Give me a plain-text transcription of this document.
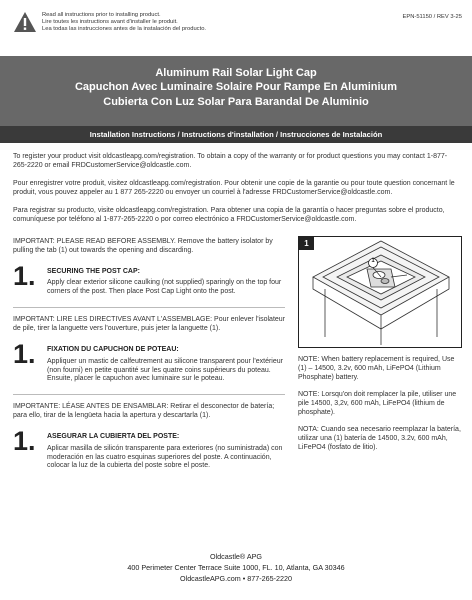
Read all instructions prior to installing product.
Lire toutes les instructions avant d'installer le produit.
Lea todas las instrucciones antes de la instalación del producto.
EPN-51150 / REV 3-25
Aluminum Rail Solar Light Cap
Capuchon Avec Luminaire Solaire Pour Rampe En Aluminium
Cubierta Con Luz Solar Para Barandal De Aluminio
Installation Instructions / Instructions d'installation / Instrucciones de Instalación

To register your product visit oldcastleapg.com/registration. To obtain a copy of the warranty or for product questions you may contact 1-877-265-2220 or email FRDCustomerService@oldcastle.com.

Pour enregistrer votre produit, visitez oldcastleapg.com/registration. Pour obtenir une copie de la garantie ou pour toute question concernant le produit, vous pouvez appeler au 1 877 265-2220 ou envoyer un courriel à l'adresse FRDCustomerService@oldcastle.com.

Para registrar su producto, visite oldcastleapg.com/registration. Para obtener una copia de la garantía o hacer preguntas sobre el producto, comuníquese por teléfono al 1-877-265-2220 o por correo electrónico a FRDCustomerService@oldcastle.com.

IMPORTANT: PLEASE READ BEFORE ASSEMBLY. Remove the battery isolator by pulling the tab (1) out towards the opening and discarding.

1.	SECURING THE POST CAP:

Apply clear exterior silicone caulking (not supplied) sparingly on the top four corners of the post. Then place Post Cap Light onto the post.

IMPORTANT: LIRE LES DIRECTIVES AVANT L'ASSEMBLAGE: Pour enlever l'isolateur de pile, tirer la languette vers l'ouverture, puis jeter la languette (1).

1.	FIXATION DU CAPUCHON DE POTEAU:

Appliquer un mastic de calfeutrement au silicone transparent pour l'extérieur (non fourni) en petite quantité sur les quatre coins supérieurs du poteau. Ensuite, placer le capuchon avec luminaire sur le poteau.

IMPORTANTE: LÉASE ANTES DE ENSAMBLAR: Retirar el desconector de batería; para ello, tirar de la lengüeta hacia la apertura y descartarla (1).

1.	ASEGURAR LA CUBIERTA DEL POSTE:

Aplicar masilla de silicón transparente para exteriores (no suministrada) con moderación en las cuatro esquinas superiores del poste. A continuación, colocar la luz de la cubierta del poste sobre el poste.

1
1

NOTE: When battery replacement is required, Use (1) – 14500, 3.2v, 600 mAh, LiFePO4 (Lithium Phosphate) battery.

NOTE: Lorsqu'on doit remplacer la pile, utiliser une pile 14500, 3,2v, 600 mAh, LiFePO4 (lithium de phosphate).

NOTA: Cuando sea necesario reemplazar la batería, utilizar una (1) batería de 14500, 3.2v, 600 mAh, LiFePO4 (fosfato de litio).

Oldcastle® APG
400 Perimeter Center Terrace Suite 1000, FL. 10, Atlanta, GA 30346
OldcastleAPG.com • 877-265-2220
